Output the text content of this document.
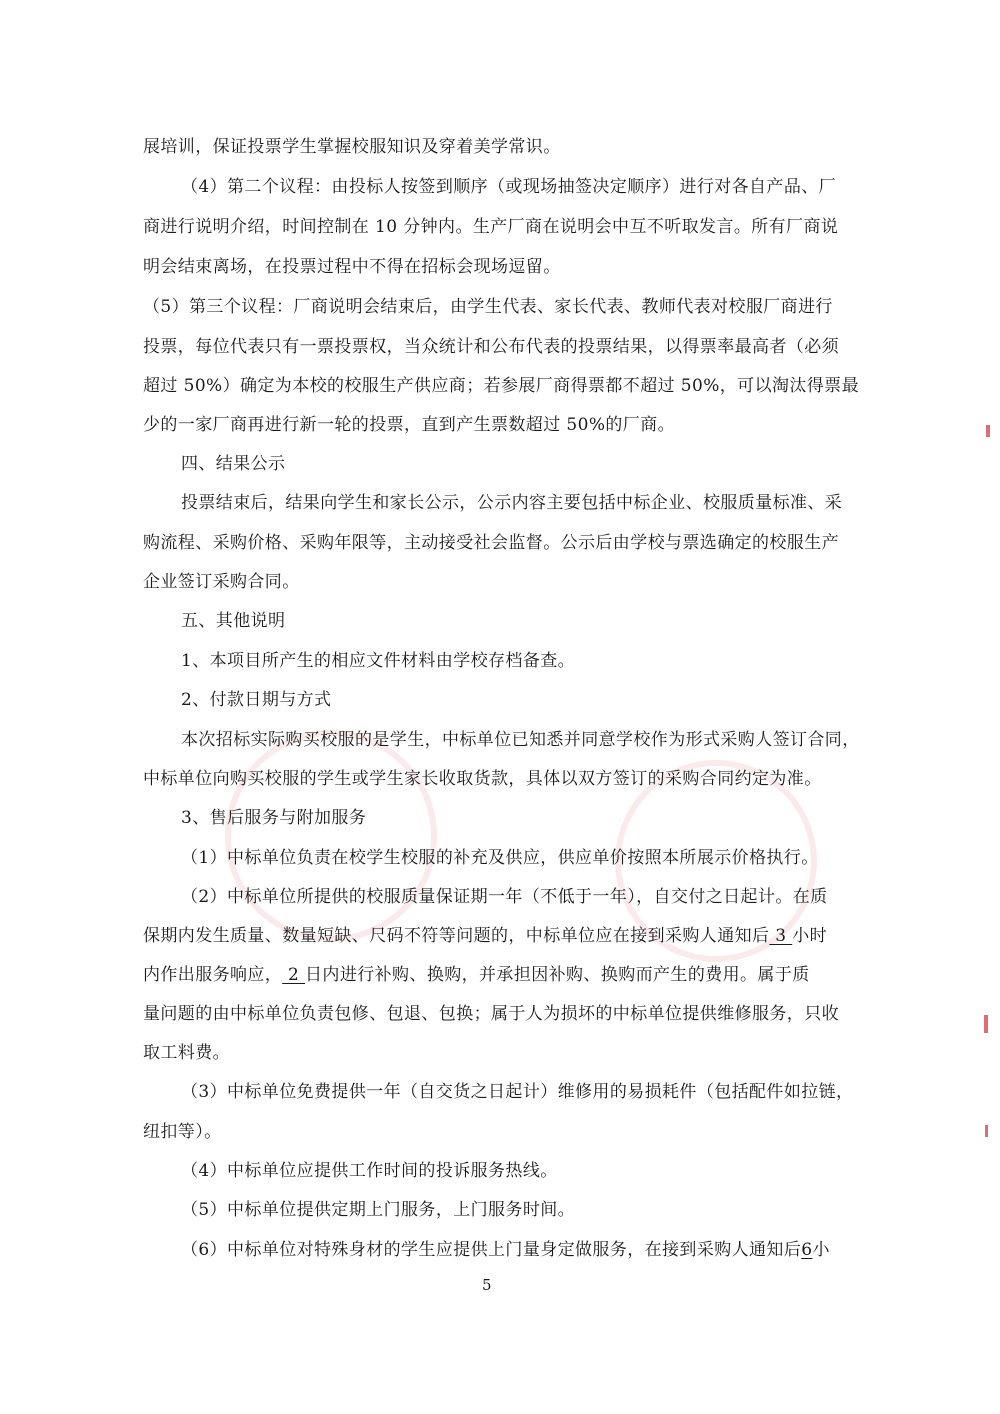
展培训，保证投票学生掌握校服知识及穿着美学常识。

（4）第二个议程：由投标人按签到顺序（或现场抽签决定顺序）进行对各自产品、厂

商进行说明介绍，时间控制在 10 分钟内。生产厂商在说明会中互不听取发言。所有厂商说

明会结束离场，在投票过程中不得在招标会现场逗留。

（5）第三个议程：厂商说明会结束后，由学生代表、家长代表、教师代表对校服厂商进行

投票，每位代表只有一票投票权，当众统计和公布代表的投票结果，以得票率最高者（必须

超过 50%）确定为本校的校服生产供应商；若参展厂商得票都不超过 50%，可以淘汰得票最

少的一家厂商再进行新一轮的投票，直到产生票数超过 50%的厂商。

四、结果公示

投票结束后，结果向学生和家长公示，公示内容主要包括中标企业、校服质量标准、采

购流程、采购价格、采购年限等，主动接受社会监督。公示后由学校与票选确定的校服生产

企业签订采购合同。

五、其他说明

1、本项目所产生的相应文件材料由学校存档备查。

2、付款日期与方式

本次招标实际购买校服的是学生，中标单位已知悉并同意学校作为形式采购人签订合同，

中标单位向购买校服的学生或学生家长收取货款，具体以双方签订的采购合同约定为准。

3、售后服务与附加服务

（1）中标单位负责在校学生校服的补充及供应，供应单价按照本所展示价格执行。

（2）中标单位所提供的校服质量保证期一年（不低于一年），自交付之日起计。在质

保期内发生质量、数量短缺、尺码不符等问题的，中标单位应在接到采购人通知后 3 小时

内作出服务响应， 2 日内进行补购、换购，并承担因补购、换购而产生的费用。属于质

量问题的由中标单位负责包修、包退、包换；属于人为损坏的中标单位提供维修服务，只收

取工料费。

（3）中标单位免费提供一年（自交货之日起计）维修用的易损耗件（包括配件如拉链，

纽扣等）。

（4）中标单位应提供工作时间的投诉服务热线。

（5）中标单位提供定期上门服务，上门服务时间。

（6）中标单位对特殊身材的学生应提供上门量身定做服务，在接到采购人通知后6小

5
